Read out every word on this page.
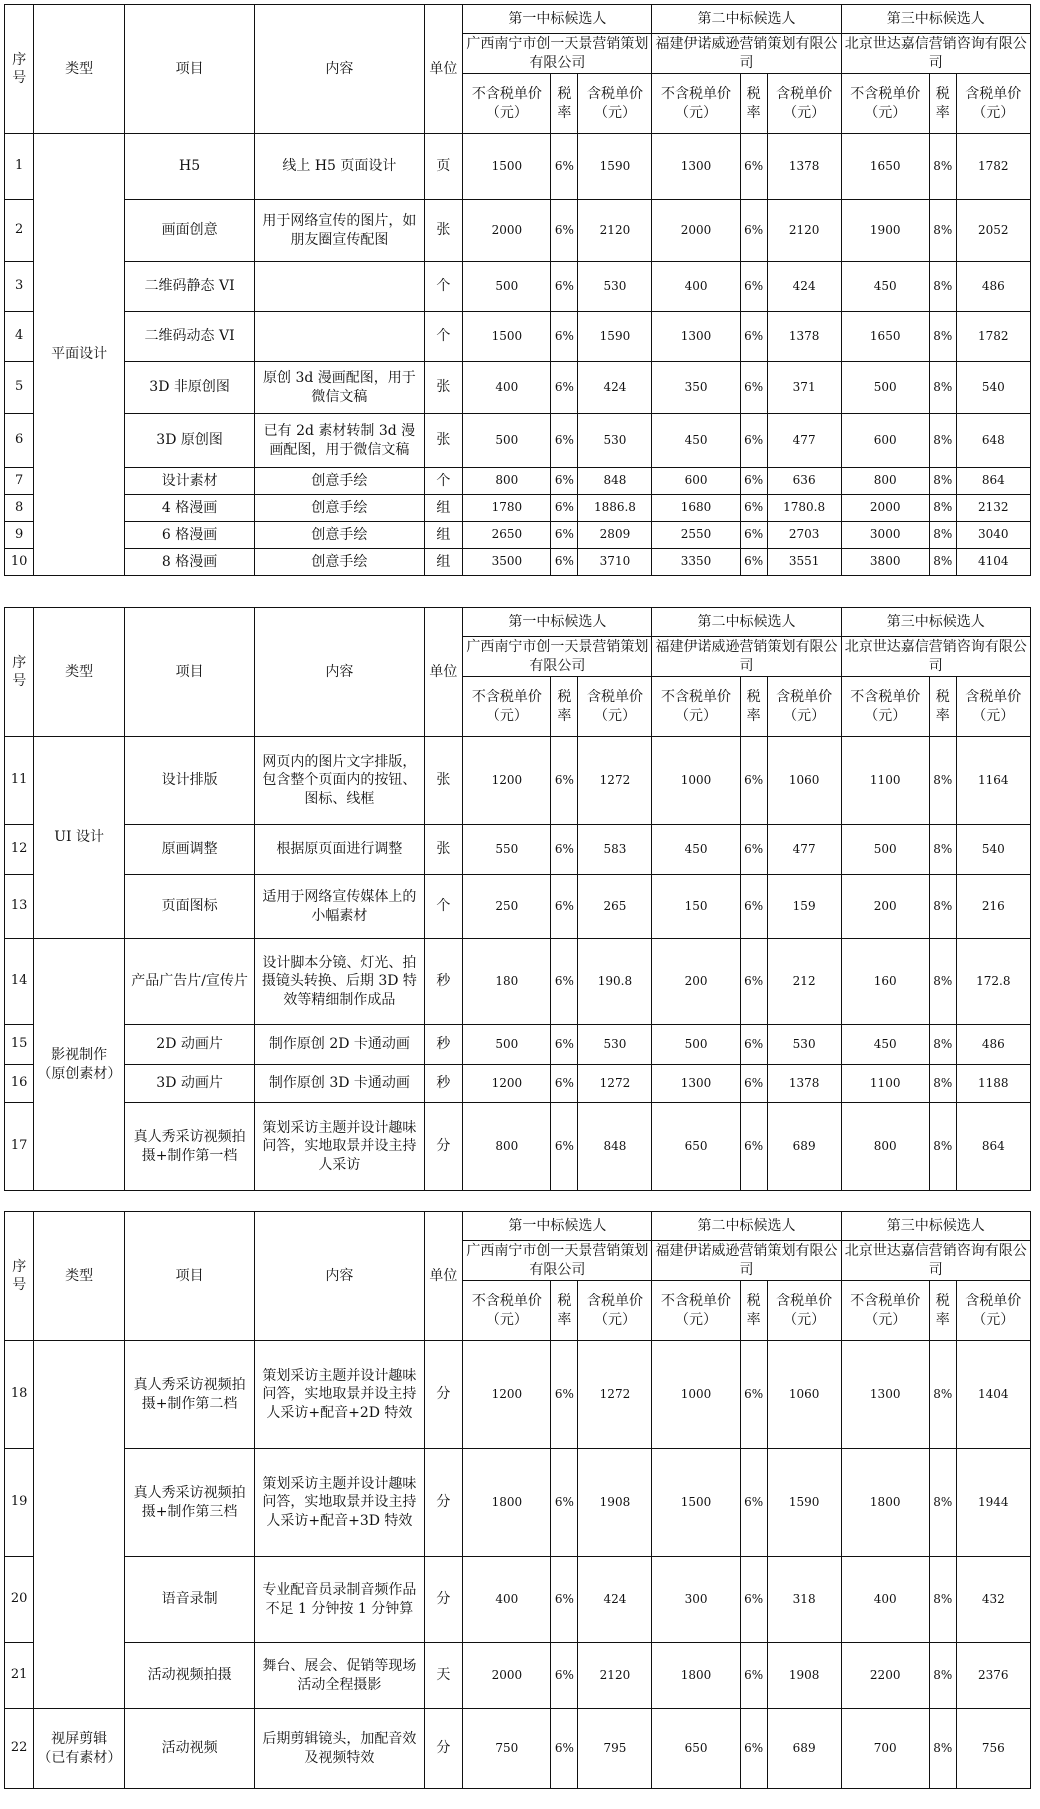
序号	类型	项目	内容	单位	第一中标候选人			第二中标候选人			第三中标候选人		
					广西南宁市创一天景营销策划有限公司			福建伊诺威逊营销策划有限公司			北京世达嘉信营销咨询有限公司		
					不含税单价（元）	税率	含税单价（元）	不含税单价（元）	税率	含税单价（元）	不含税单价（元）	税率	含税单价（元）
1	平面设计	H5	线上 H5 页面设计	页	1500	6%	1590	1300	6%	1378	1650	8%	1782
2		画面创意	用于网络宣传的图片，如朋友圈宣传配图	张	2000	6%	2120	2000	6%	2120	1900	8%	2052
3		二维码静态 VI		个	500	6%	530	400	6%	424	450	8%	486
4		二维码动态 VI		个	1500	6%	1590	1300	6%	1378	1650	8%	1782
5		3D 非原创图	原创 3d 漫画配图，用于微信文稿	张	400	6%	424	350	6%	371	500	8%	540
6		3D 原创图	已有 2d 素材转制 3d 漫画配图，用于微信文稿	张	500	6%	530	450	6%	477	600	8%	648
7		设计素材	创意手绘	个	800	6%	848	600	6%	636	800	8%	864
8		4 格漫画	创意手绘	组	1780	6%	1886.8	1680	6%	1780.8	2000	8%	2132
9		6 格漫画	创意手绘	组	2650	6%	2809	2550	6%	2703	3000	8%	3040
10		8 格漫画	创意手绘	组	3500	6%	3710	3350	6%	3551	3800	8%	4104
序号	类型	项目	内容	单位	第一中标候选人			第二中标候选人			第三中标候选人		
					广西南宁市创一天景营销策划有限公司			福建伊诺威逊营销策划有限公司			北京世达嘉信营销咨询有限公司		
					不含税单价（元）	税率	含税单价（元）	不含税单价（元）	税率	含税单价（元）	不含税单价（元）	税率	含税单价（元）
11	UI 设计	设计排版	网页内的图片文字排版，包含整个页面内的按钮、图标、线框	张	1200	6%	1272	1000	6%	1060	1100	8%	1164
12		原画调整	根据原页面进行调整	张	550	6%	583	450	6%	477	500	8%	540
13		页面图标	适用于网络宣传媒体上的小幅素材	个	250	6%	265	150	6%	159	200	8%	216
14	影视制作（原创素材）	产品广告片/宣传片	设计脚本分镜、灯光、拍摄镜头转换、后期 3D 特效等精细制作成品	秒	180	6%	190.8	200	6%	212	160	8%	172.8
15		2D 动画片	制作原创 2D 卡通动画	秒	500	6%	530	500	6%	530	450	8%	486
16		3D 动画片	制作原创 3D 卡通动画	秒	1200	6%	1272	1300	6%	1378	1100	8%	1188
17		真人秀采访视频拍摄+制作第一档	策划采访主题并设计趣味问答，实地取景并设主持人采访	分	800	6%	848	650	6%	689	800	8%	864
序号	类型	项目	内容	单位	第一中标候选人			第二中标候选人			第三中标候选人		
					广西南宁市创一天景营销策划有限公司			福建伊诺威逊营销策划有限公司			北京世达嘉信营销咨询有限公司		
					不含税单价（元）	税率	含税单价（元）	不含税单价（元）	税率	含税单价（元）	不含税单价（元）	税率	含税单价（元）
18		真人秀采访视频拍摄+制作第二档	策划采访主题并设计趣味问答，实地取景并设主持人采访+配音+2D 特效	分	1200	6%	1272	1000	6%	1060	1300	8%	1404
19		真人秀采访视频拍摄+制作第三档	策划采访主题并设计趣味问答，实地取景并设主持人采访+配音+3D 特效	分	1800	6%	1908	1500	6%	1590	1800	8%	1944
20		语音录制	专业配音员录制音频作品不足 1 分钟按 1 分钟算	分	400	6%	424	300	6%	318	400	8%	432
21		活动视频拍摄	舞台、展会、促销等现场活动全程摄影	天	2000	6%	2120	1800	6%	1908	2200	8%	2376
22	视屏剪辑（已有素材）	活动视频	后期剪辑镜头，加配音效及视频特效	分	750	6%	795	650	6%	689	700	8%	756
